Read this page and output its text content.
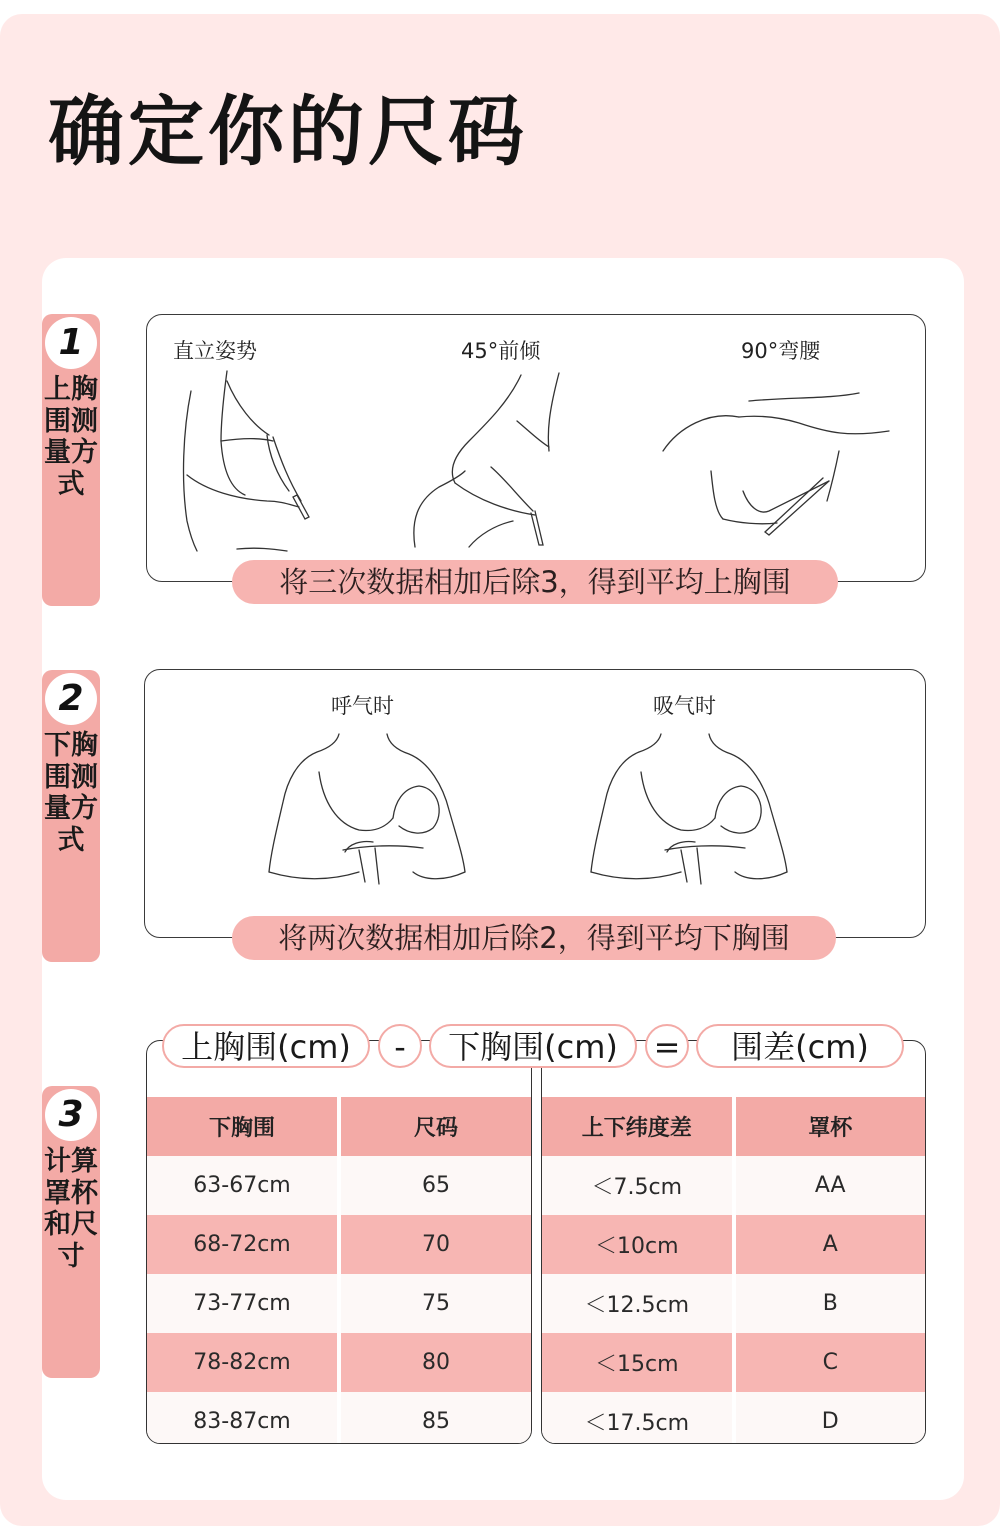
确定你的尺码
1
上胸围测量方式
直立姿势	45°前倾	90°弯腰
将三次数据相加后除3，得到平均上胸围
2
下胸围测量方式
呼气时	吸气时
将两次数据相加后除2，得到平均下胸围
3
计算罩杯和尺寸
下胸围	尺码
63-67cm	65
68-72cm	70
73-77cm	75
78-82cm	80
83-87cm	85
上下纬度差	罩杯
＜7.5cm	AA
＜10cm	A
＜12.5cm	B
＜15cm	C
＜17.5cm	D
上胸围(cm)	-	下胸围(cm)	=	围差(cm)
